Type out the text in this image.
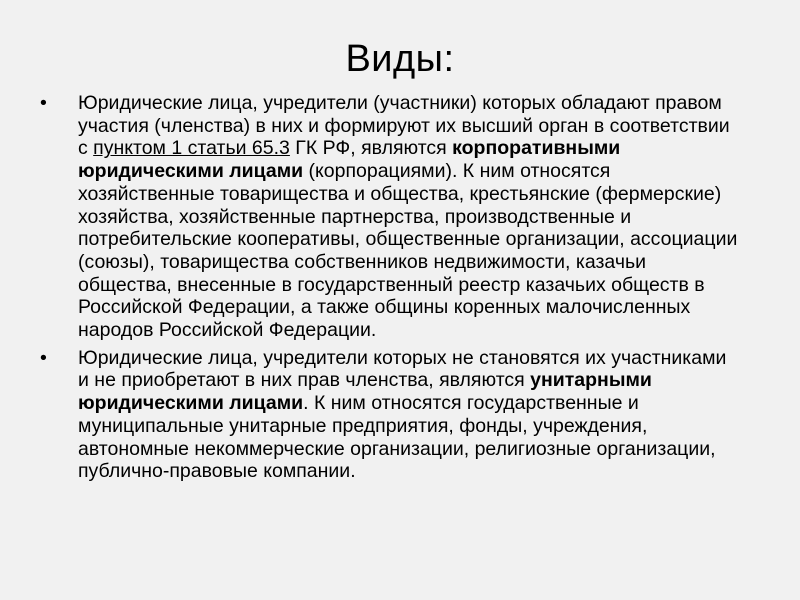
Виды:
•	Юридические лица, учредители (участники) которых обладают правом участия (членства) в них и формируют их высший орган в соответствии с пунктом 1 статьи 65.3 ГК РФ, являются корпоративными юридическими лицами (корпорациями). К ним относятся хозяйственные товарищества и общества, крестьянские (фермерские) хозяйства, хозяйственные партнерства, производственные и потребительские кооперативы, общественные организации, ассоциации (союзы), товарищества собственников недвижимости, казачьи общества, внесенные в государственный реестр казачьих обществ в Российской Федерации, а также общины коренных малочисленных народов Российской Федерации.
•	Юридические лица, учредители которых не становятся их участниками и не приобретают в них прав членства, являются унитарными юридическими лицами. К ним относятся государственные и муниципальные унитарные предприятия, фонды, учреждения, автономные некоммерческие организации, религиозные организации, публично-правовые компании.
